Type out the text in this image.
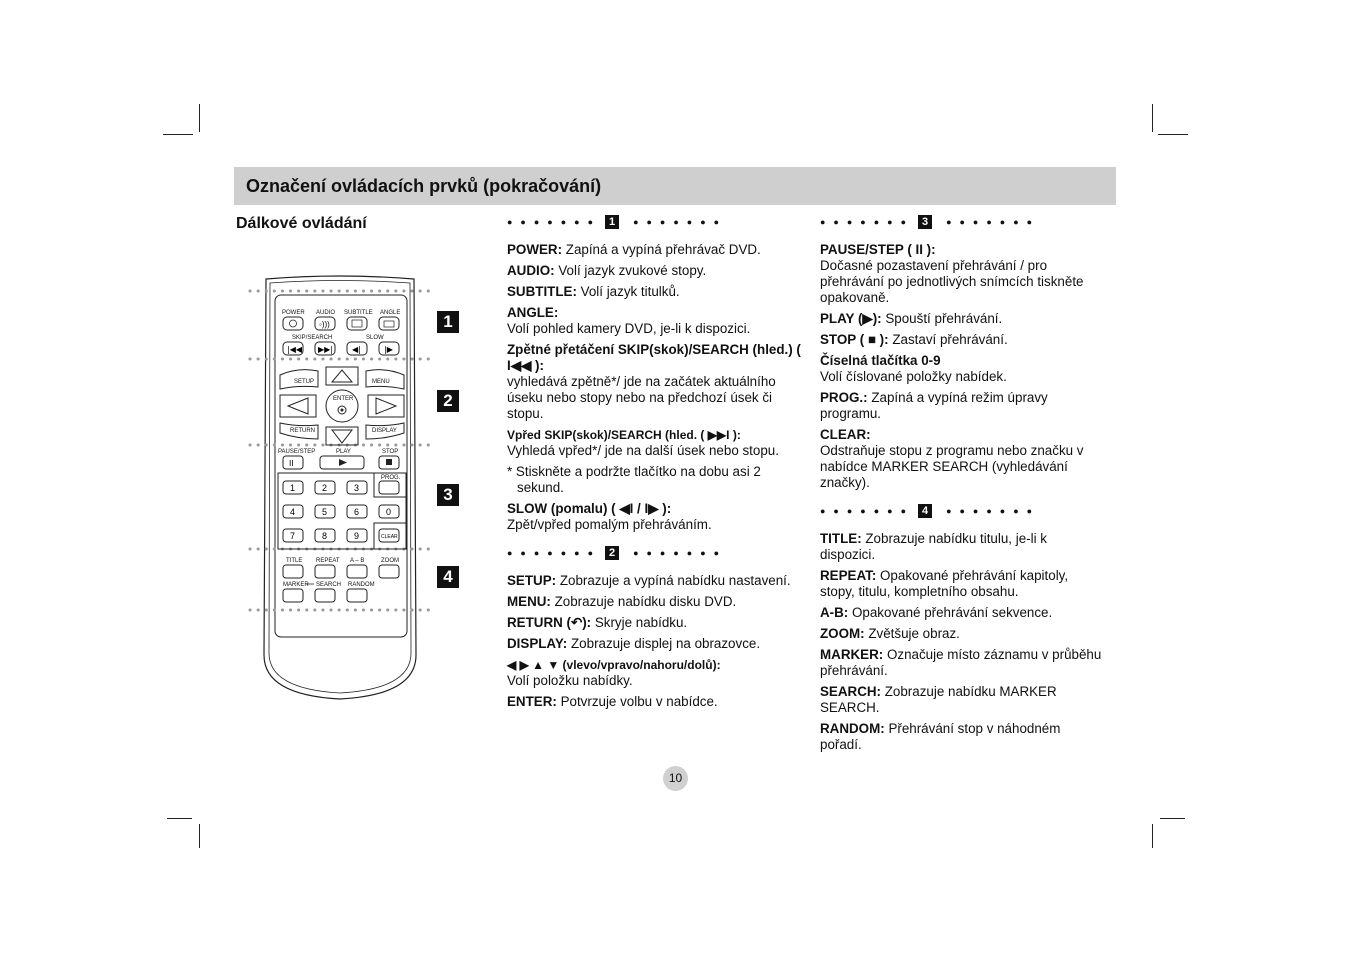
Označení ovládacích prvků (pokračování)
Dálkové ovládání
POWER AUDIO SUBTITLE ANGLE
◦)))
SKIP/SEARCH	SLOW
|◀◀ ▶▶| ◀|	|▶
SETUP	MENU
ENTER
RETURN	DISPLAY
PAUSE/STEP	PLAY	STOP
II
PROG.
CLEAR
1	2	3
4	5	6	0
7	8	9
TITLE REPEAT A – B	ZOOM
MARKER SEARCH RANDOM
1
2
3
4
●●●●●●● 1	●●●●●●●

POWER: Zapíná a vypíná přehrávač DVD.

AUDIO: Volí jazyk zvukové stopy.

SUBTITLE: Volí jazyk titulků.

ANGLE:
Volí pohled kamery DVD, je-li k dispozici.

Zpětné přetáčení SKIP(skok)/SEARCH (hled.) ( I◀◀ ):
vyhledává zpětně*/ jde na začátek aktuálního úseku nebo stopy nebo na předchozí úsek či stopu.

Vpřed SKIP(skok)/SEARCH (hled. ( ▶▶I ):
Vyhledá vpřed*/ jde na další úsek nebo stopu.

* Stiskněte a podržte tlačítko na dobu asi 2 sekund.

SLOW (pomalu) ( ◀I / I▶ ):
Zpět/vpřed pomalým přehráváním.

●●●●●●● 2	●●●●●●●

SETUP: Zobrazuje a vypíná nabídku nastavení.

MENU: Zobrazuje nabídku disku DVD.

RETURN (↶): Skryje nabídku.

DISPLAY: Zobrazuje displej na obrazovce.

◀ ▶ ▲ ▼ (vlevo/vpravo/nahoru/dolů):
Volí položku nabídky.

ENTER: Potvrzuje volbu v nabídce.

●●●●●●● 3	●●●●●●●

PAUSE/STEP ( II ):
Dočasné pozastavení přehrávání / pro přehrávání po jednotlivých snímcích tiskněte opakovaně.

PLAY (▶): Spouští přehrávání.

STOP ( ■ ): Zastaví přehrávání.

Číselná tlačítka 0-9
Volí číslované položky nabídek.

PROG.: Zapíná a vypíná režim úpravy programu.

CLEAR:
Odstraňuje stopu z programu nebo značku v nabídce MARKER SEARCH (vyhledávání značky).

●●●●●●● 4	●●●●●●●

TITLE: Zobrazuje nabídku titulu, je-li k dispozici.

REPEAT: Opakované přehrávání kapitoly, stopy, titulu, kompletního obsahu.

A-B: Opakované přehrávání sekvence.

ZOOM: Zvětšuje obraz.

MARKER: Označuje místo záznamu v průběhu přehrávání.

SEARCH: Zobrazuje nabídku MARKER SEARCH.

RANDOM: Přehrávání stop v náhodném pořadí.

10
